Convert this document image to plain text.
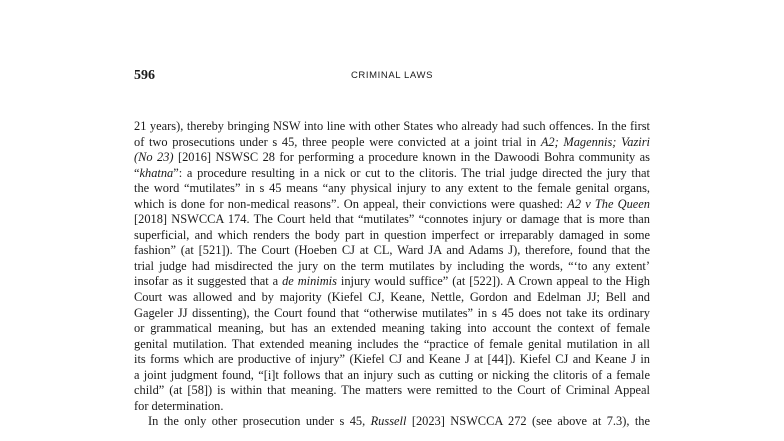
596	CRIMINAL LAWS
21 years), thereby bringing NSW into line with other States who already had such offences. In the first
of two prosecutions under s 45, three people were convicted at a joint trial in A2; Magennis; Vaziri
(No 23) [2016] NSWSC 28 for performing a procedure known in the Dawoodi Bohra community as
“khatna”: a procedure resulting in a nick or cut to the clitoris. The trial judge directed the jury that
the word “mutilates” in s 45 means “any physical injury to any extent to the female genital organs,
which is done for non-medical reasons”. On appeal, their convictions were quashed: A2 v The Queen
[2018] NSWCCA 174. The Court held that “mutilates” “connotes injury or damage that is more than
superficial, and which renders the body part in question imperfect or irreparably damaged in some
fashion” (at [521]). The Court (Hoeben CJ at CL, Ward JA and Adams J), therefore, found that the
trial judge had misdirected the jury on the term mutilates by including the words, “‘to any extent’
insofar as it suggested that a de minimis injury would suffice” (at [522]). A Crown appeal to the High
Court was allowed and by majority (Kiefel CJ, Keane, Nettle, Gordon and Edelman JJ; Bell and
Gageler JJ dissenting), the Court found that “otherwise mutilates” in s 45 does not take its ordinary
or grammatical meaning, but has an extended meaning taking into account the context of female
genital mutilation. That extended meaning includes the “practice of female genital mutilation in all
its forms which are productive of injury” (Kiefel CJ and Keane J at [44]). Kiefel CJ and Keane J in
a joint judgment found, “[i]t follows that an injury such as cutting or nicking the clitoris of a female
child” (at [58]) is within that meaning. The matters were remitted to the Court of Criminal Appeal
for determination.
In the only other prosecution under s 45, Russell [2023] NSWCCA 272 (see above at 7.3), the
